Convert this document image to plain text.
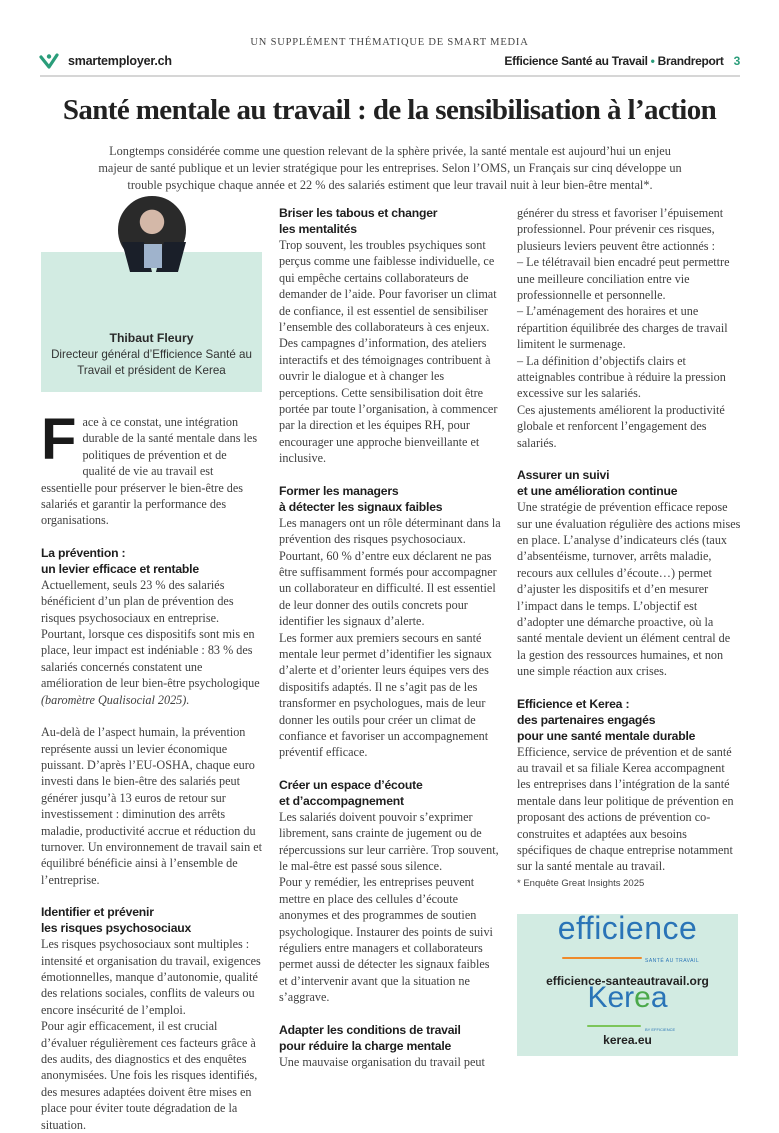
UN SUPPLÉMENT THÉMATIQUE DE SMART MEDIA
smartemployer.ch	Efficience Santé au Travail • Brandreport 3
Santé mentale au travail : de la sensibilisation à l’action

Longtemps considérée comme une question relevant de la sphère privée, la santé mentale est aujourd’hui un enjeu majeur de santé publique et un levier stratégique pour les entreprises. Selon l’OMS, un Français sur cinq développe un trouble psychique chaque année et 22 % des salariés estiment que leur travail nuit à leur bien-être mental*.

Thibaut Fleury
Directeur général d’Efficience Santé au Travail et président de Kerea
F ace à ce constat, une intégration durable de la santé mentale dans les politiques de prévention et de qualité de vie au travail est essentielle pour préserver le bien-être des salariés et garantir la performance des organisations.
La prévention :
un levier efficace et rentable

Actuellement, seuls 23 % des salariés bénéficient d’un plan de prévention des risques psychosociaux en entreprise. Pourtant, lorsque ces dispositifs sont mis en place, leur impact est indéniable : 83 % des salariés concernés constatent une amélioration de leur bien-être psychologique (baromètre Qualisocial 2025).

Au-delà de l’aspect humain, la prévention représente aussi un levier économique puissant. D’après l’EU-OSHA, chaque euro investi dans le bien-être des salariés peut générer jusqu’à 13 euros de retour sur investissement : diminution des arrêts maladie, productivité accrue et réduction du turnover. Un environnement de travail sain et équilibré bénéficie ainsi à l’ensemble de l’entreprise.

Identifier et prévenir
les risques psychosociaux

Les risques psychosociaux sont multiples : intensité et organisation du travail, exigences émotionnelles, manque d’autonomie, qualité des relations sociales, conflits de valeurs ou encore insécurité de l’emploi.

Pour agir efficacement, il est crucial d’évaluer régulièrement ces facteurs grâce à des audits, des diagnostics et des enquêtes anonymisées. Une fois les risques identifiés, des mesures adaptées doivent être mises en place pour éviter toute dégradation de la situation.

Briser les tabous et changer
les mentalités

Trop souvent, les troubles psychiques sont perçus comme une faiblesse individuelle, ce qui empêche certains collaborateurs de demander de l’aide. Pour favoriser un climat de confiance, il est essentiel de sensibiliser l’ensemble des collaborateurs à ces enjeux. Des campagnes d’information, des ateliers interactifs et des témoignages contribuent à ouvrir le dialogue et à changer les perceptions. Cette sensibilisation doit être portée par toute l’organisation, à commencer par la direction et les équipes RH, pour encourager une approche bienveillante et inclusive.

Former les managers
à détecter les signaux faibles

Les managers ont un rôle déterminant dans la prévention des risques psychosociaux. Pourtant, 60 % d’entre eux déclarent ne pas être suffisamment formés pour accompagner un collaborateur en difficulté. Il est essentiel de leur donner des outils concrets pour identifier les signaux d’alerte.

Les former aux premiers secours en santé mentale leur permet d’identifier les signaux d’alerte et d’orienter leurs équipes vers des dispositifs adaptés. Il ne s’agit pas de les transformer en psychologues, mais de leur donner les outils pour créer un climat de confiance et favoriser un accompagnement préventif efficace.

Créer un espace d’écoute
et d’accompagnement

Les salariés doivent pouvoir s’exprimer librement, sans crainte de jugement ou de répercussions sur leur carrière. Trop souvent, le mal-être est passé sous silence.

Pour y remédier, les entreprises peuvent mettre en place des cellules d’écoute anonymes et des programmes de soutien psychologique. Instaurer des points de suivi réguliers entre managers et collaborateurs permet aussi de détecter les signaux faibles et d’intervenir avant que la situation ne s’aggrave.

Adapter les conditions de travail
pour réduire la charge mentale

Une mauvaise organisation du travail peut

générer du stress et favoriser l’épuisement professionnel. Pour prévenir ces risques, plusieurs leviers peuvent être actionnés :

– Le télétravail bien encadré peut permettre une meilleure conciliation entre vie professionnelle et personnelle.

– L’aménagement des horaires et une répartition équilibrée des charges de travail limitent le surmenage.

– La définition d’objectifs clairs et atteignables contribue à réduire la pression excessive sur les salariés.

Ces ajustements améliorent la productivité globale et renforcent l’engagement des salariés.

Assurer un suivi
et une amélioration continue

Une stratégie de prévention efficace repose sur une évaluation régulière des actions mises en place. L’analyse d’indicateurs clés (taux d’absentéisme, turnover, arrêts maladie, recours aux cellules d’écoute…) permet d’ajuster les dispositifs et d’en mesurer l’impact dans le temps. L’objectif est d’adopter une démarche proactive, où la santé mentale devient un élément central de la gestion des ressources humaines, et non une simple réaction aux crises.

Efficience et Kerea :
des partenaires engagés
pour une santé mentale durable

Efficience, service de prévention et de santé au travail et sa filiale Kerea accompagnent les entreprises dans l’intégration de la santé mentale dans leur politique de prévention en proposant des actions de prévention co-construites et adaptées aux besoins spécifiques de chaque entreprise notamment sur la santé mentale au travail.

* Enquête Great Insights 2025
efficience
SANTÉ AU TRAVAIL
efficience-santeautravail.org
Kerea
BY EFFICIENCE
kerea.eu
